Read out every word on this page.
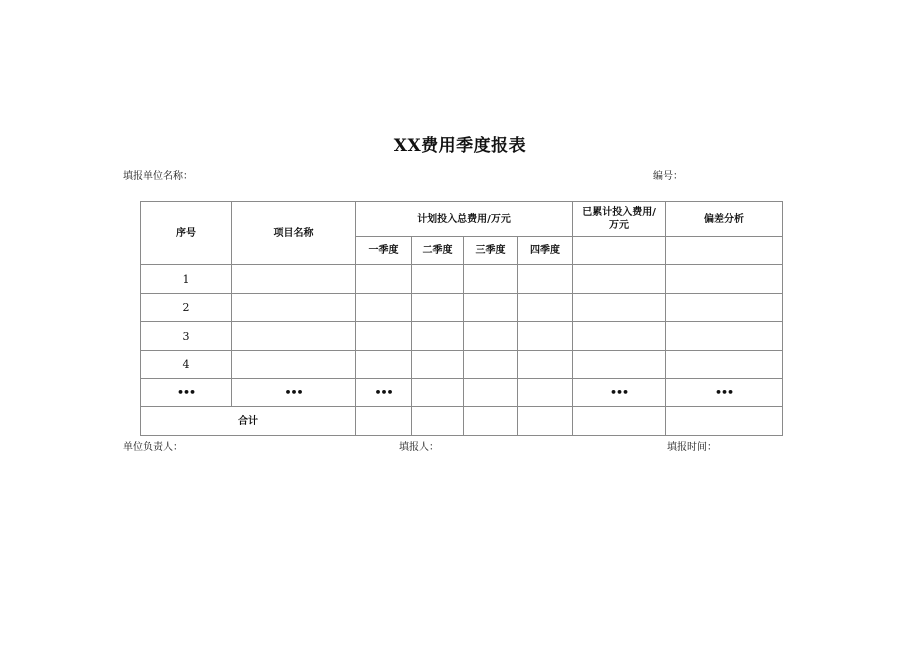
XX费用季度报表
填报单位名称：	编号：
序号	项目名称	计划投入总费用/万元				已累计投入费用/万元	偏差分析
		一季度	二季度	三季度	四季度		
1							
2							
3							
4							
•••	•••	•••				•••	•••
合计							
单位负责人：	填报人：	填报时间：
